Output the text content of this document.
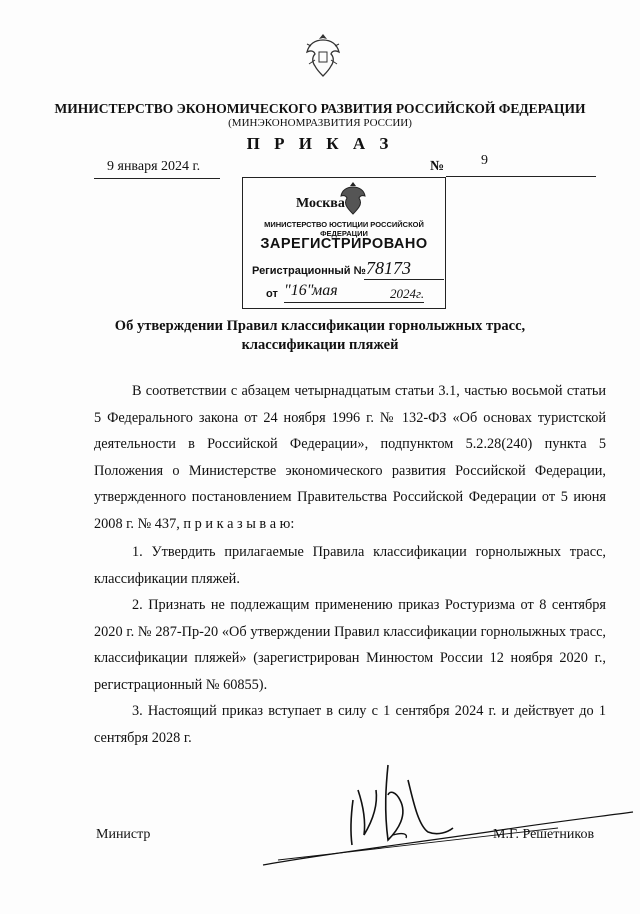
МИНИСТЕРСТВО ЭКОНОМИЧЕСКОГО РАЗВИТИЯ РОССИЙСКОЙ ФЕДЕРАЦИИ
(МИНЭКОНОМРАЗВИТИЯ РОССИИ)
П Р И К А З
9 января 2024 г.	№	9
Москва
МИНИСТЕРСТВО ЮСТИЦИИ РОССИЙСКОЙ ФЕДЕРАЦИИ
ЗАРЕГИСТРИРОВАНО
Регистрационный № 78173
от "16"
мая	2024г.
Об утверждении Правил классификации горнолыжных трасс,
классификации пляжей

В соответствии с абзацем четырнадцатым статьи 3.1, частью восьмой статьи 5 Федерального закона от 24 ноября 1996 г. № 132-ФЗ «Об основах туристской деятельности в Российской Федерации», подпунктом 5.2.28(240) пункта 5 Положения о Министерстве экономического развития Российской Федерации, утвержденного постановлением Правительства Российской Федерации от 5 июня 2008 г. № 437, п р и к а з ы в а ю:

1. Утвердить прилагаемые Правила классификации горнолыжных трасс, классификации пляжей.

2. Признать не подлежащим применению приказ Ростуризма от 8 сентября 2020 г. № 287-Пр-20 «Об утверждении Правил классификации горнолыжных трасс, классификации пляжей» (зарегистрирован Минюстом России 12 ноября 2020 г., регистрационный № 60855).

3. Настоящий приказ вступает в силу с 1 сентября 2024 г. и действует до 1 сентября 2028 г.

Министр	М.Г. Решетников
